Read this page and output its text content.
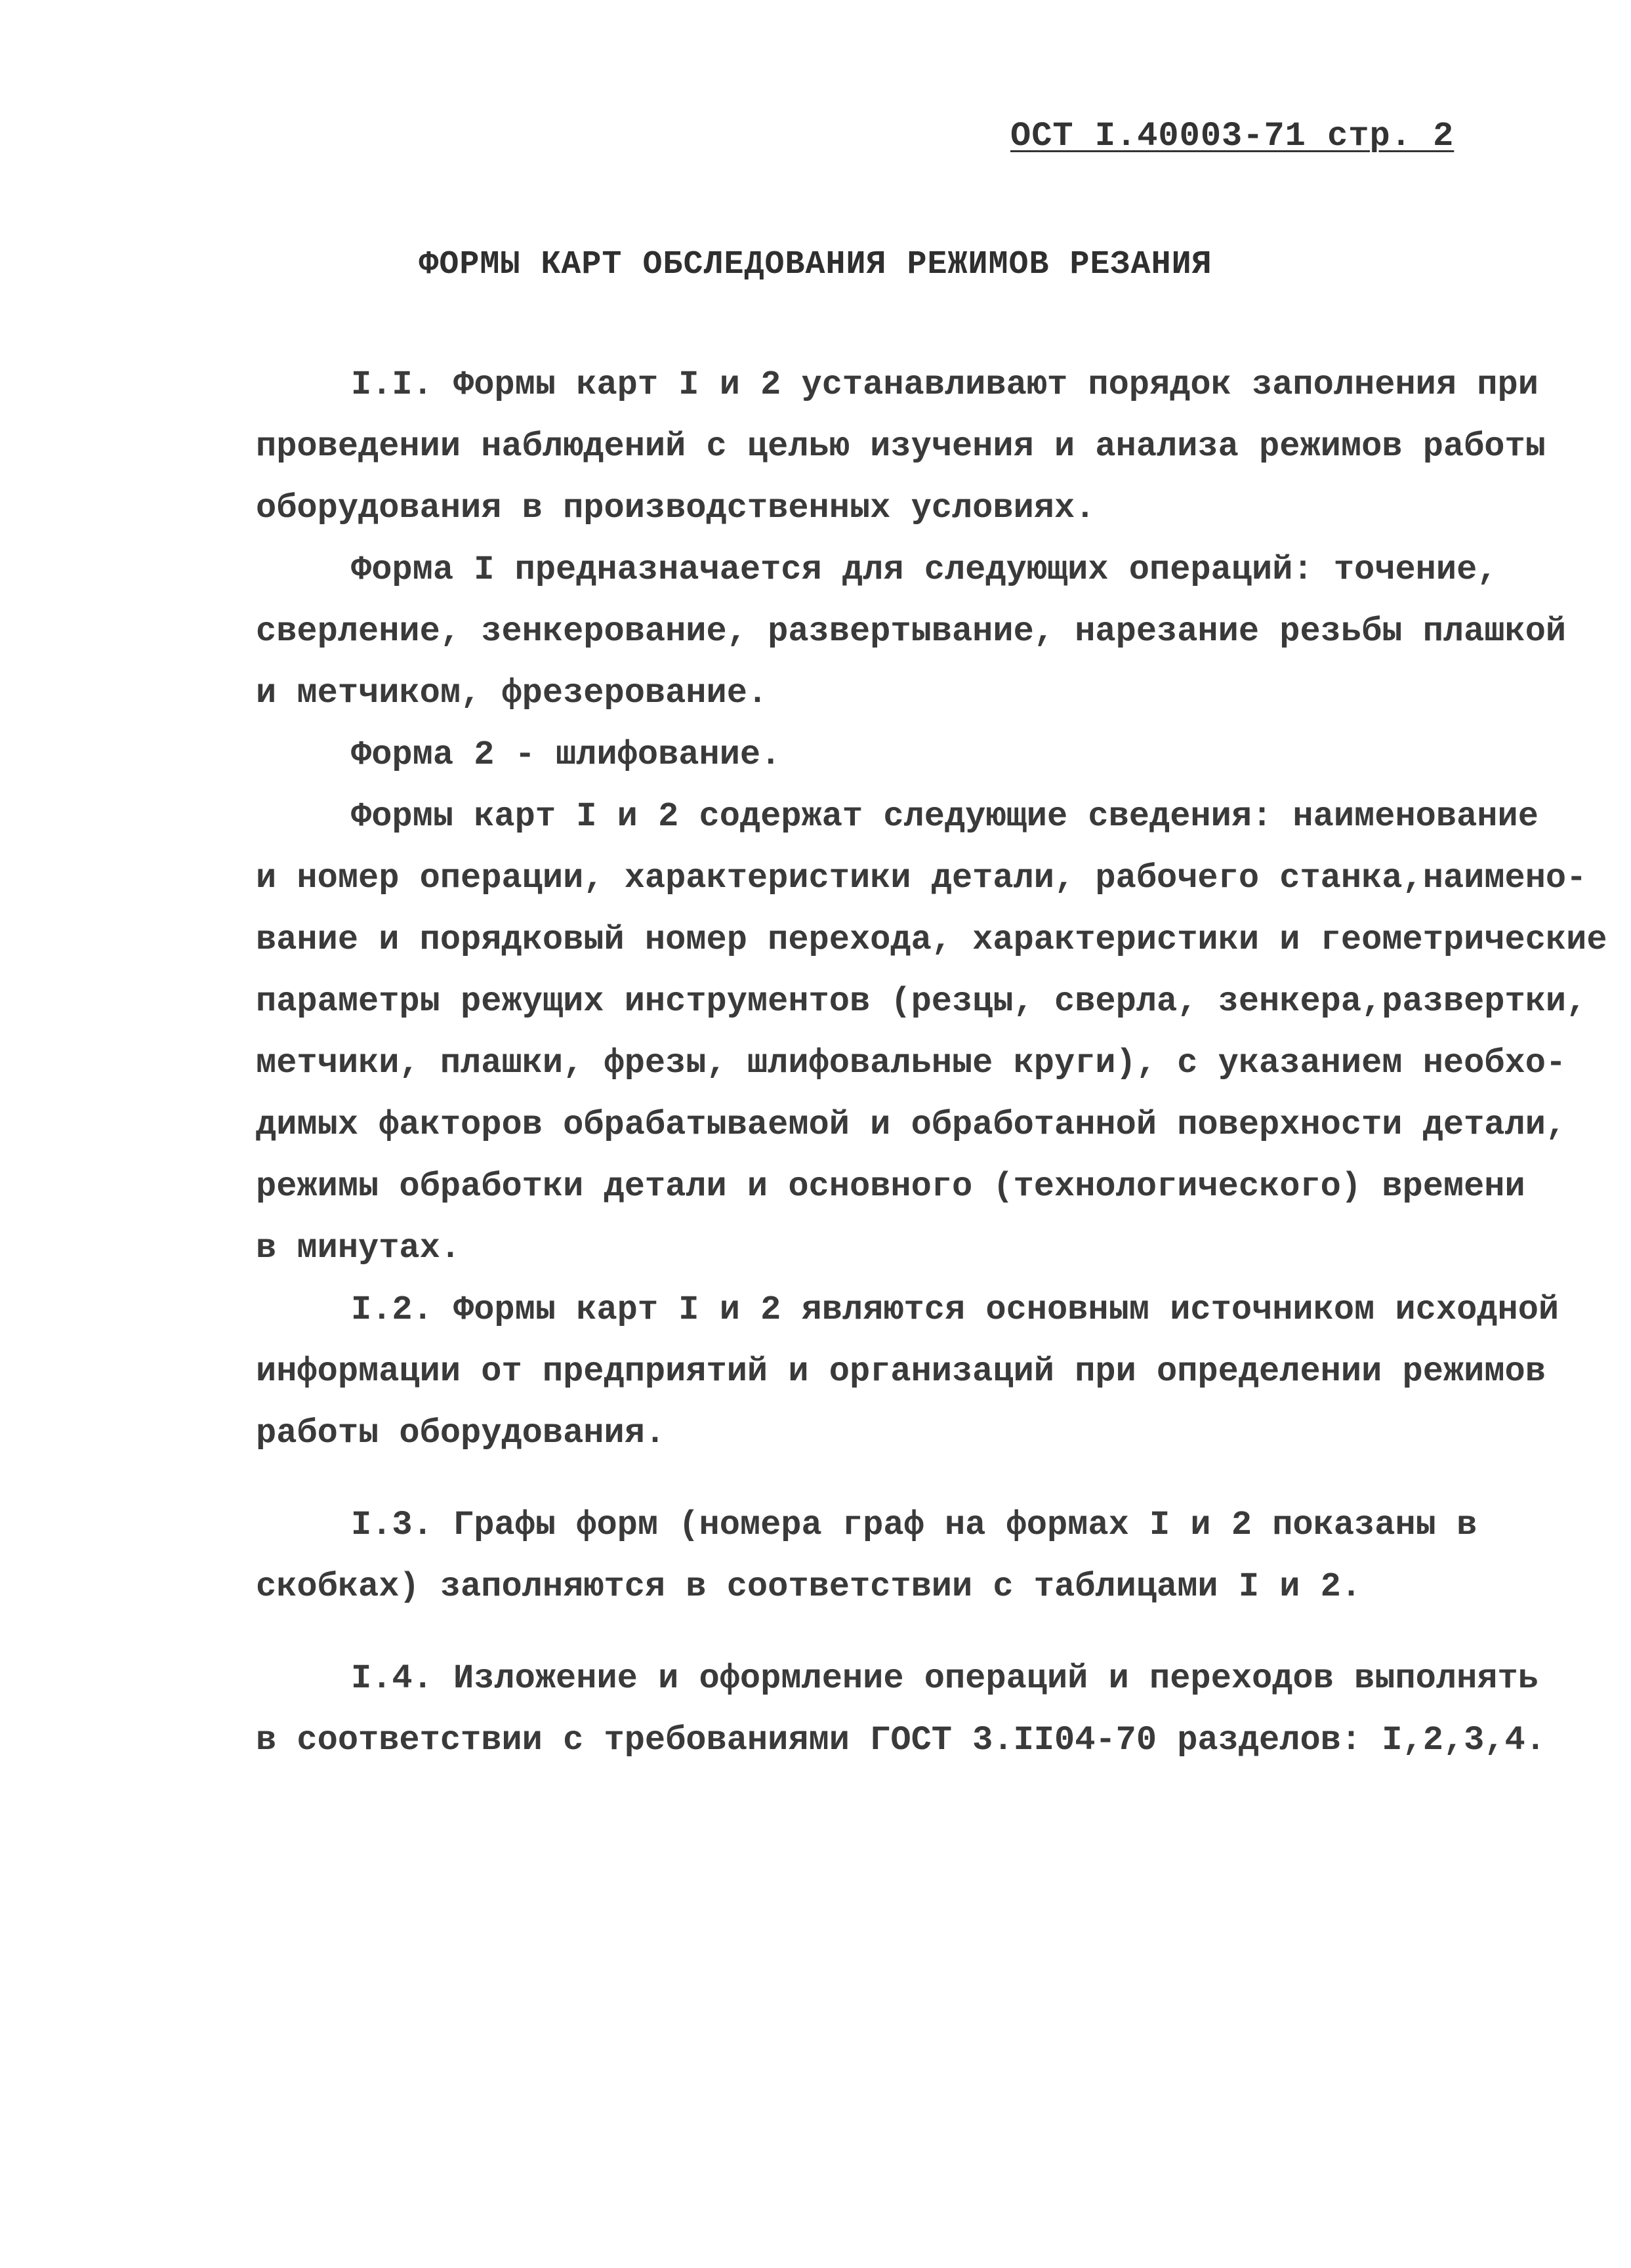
ОСТ I.40003-71 стр. 2
ФОРМЫ КАРТ ОБСЛЕДОВАНИЯ РЕЖИМОВ РЕЗАНИЯ
I.I. Формы карт I и 2 устанавливают порядок заполнения при
проведении наблюдений с целью изучения и анализа режимов работы
оборудования в производственных условиях.
Форма I предназначается для следующих операций: точение,
сверление, зенкерование, развертывание, нарезание резьбы плашкой
и метчиком, фрезерование.
Форма 2 - шлифование.
Формы карт I и 2 содержат следующие сведения: наименование
и номер операции, характеристики детали, рабочего станка,наимено-
вание и порядковый номер перехода, характеристики и геометрические
параметры режущих инструментов (резцы, сверла, зенкера,развертки,
метчики, плашки, фрезы, шлифовальные круги), с указанием необхо-
димых факторов обрабатываемой и обработанной поверхности детали,
режимы обработки детали и основного (технологического) времени
в минутах.
I.2. Формы карт I и 2 являются основным источником исходной
информации от предприятий и организаций при определении режимов
работы оборудования.
I.3. Графы форм (номера граф на формах I и 2 показаны в
скобках) заполняются в соответствии с таблицами I и 2.
I.4. Изложение и оформление операций и переходов выполнять
в соответствии с требованиями ГОСТ 3.II04-70 разделов: I,2,3,4.
